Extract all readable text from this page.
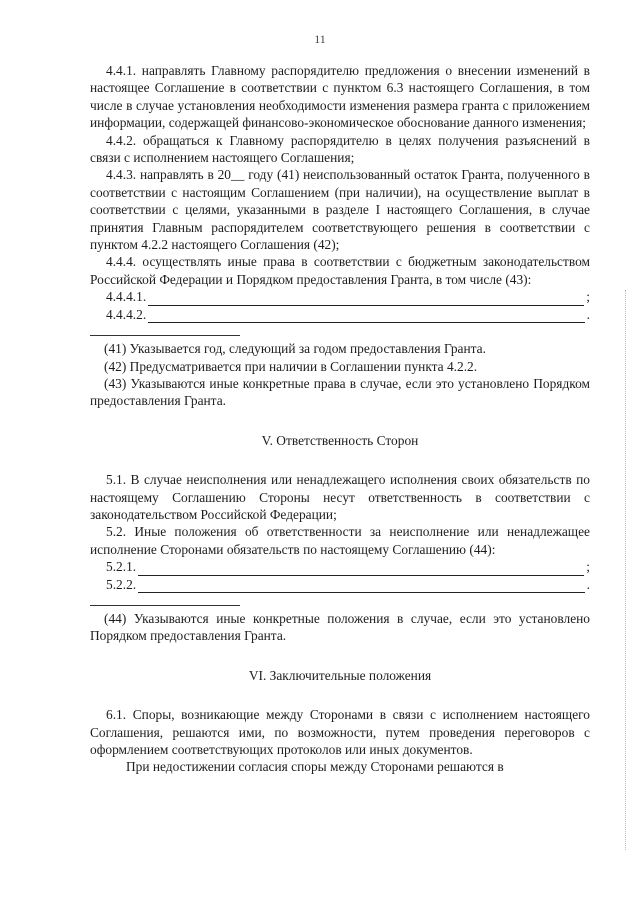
11

4.4.1. направлять Главному распорядителю предложения о внесении изменений в настоящее Соглашение в соответствии с пунктом 6.3 настоящего Соглашения, в том числе в случае установления необходимости изменения размера гранта с приложением информации, содержащей финансово-экономическое обоснование данного изменения;

4.4.2. обращаться к Главному распорядителю в целях получения разъяснений в связи с исполнением настоящего Соглашения;

4.4.3. направлять в 20__ году (41) неиспользованный остаток Гранта, полученного в соответствии с настоящим Соглашением (при наличии), на осуществление выплат в соответствии с целями, указанными в разделе I настоящего Соглашения, в случае принятия Главным распорядителем соответствующего решения в соответствии с пунктом 4.2.2 настоящего Соглашения (42);

4.4.4. осуществлять иные права в соответствии с бюджетным законодательством Российской Федерации и Порядком предоставления Гранта, в том числе (43):

4.4.4.1.	;
4.4.4.2.	.

(41) Указывается год, следующий за годом предоставления Гранта.

(42) Предусматривается при наличии в Соглашении пункта 4.2.2.

(43) Указываются иные конкретные права в случае, если это установлено Порядком предоставления Гранта.

V. Ответственность Сторон

5.1. В случае неисполнения или ненадлежащего исполнения своих обязательств по настоящему Соглашению Стороны несут ответственность в соответствии с законодательством Российской Федерации;

5.2. Иные положения об ответственности за неисполнение или ненадлежащее исполнение Сторонами обязательств по настоящему Соглашению (44):

5.2.1.	;
5.2.2.	.

(44) Указываются иные конкретные положения в случае, если это установлено Порядком предоставления Гранта.

VI. Заключительные положения

6.1. Споры, возникающие между Сторонами в связи с исполнением настоящего Соглашения, решаются ими, по возможности, путем проведения переговоров с оформлением соответствующих протоколов или иных документов.

При недостижении согласия споры между Сторонами решаются в
